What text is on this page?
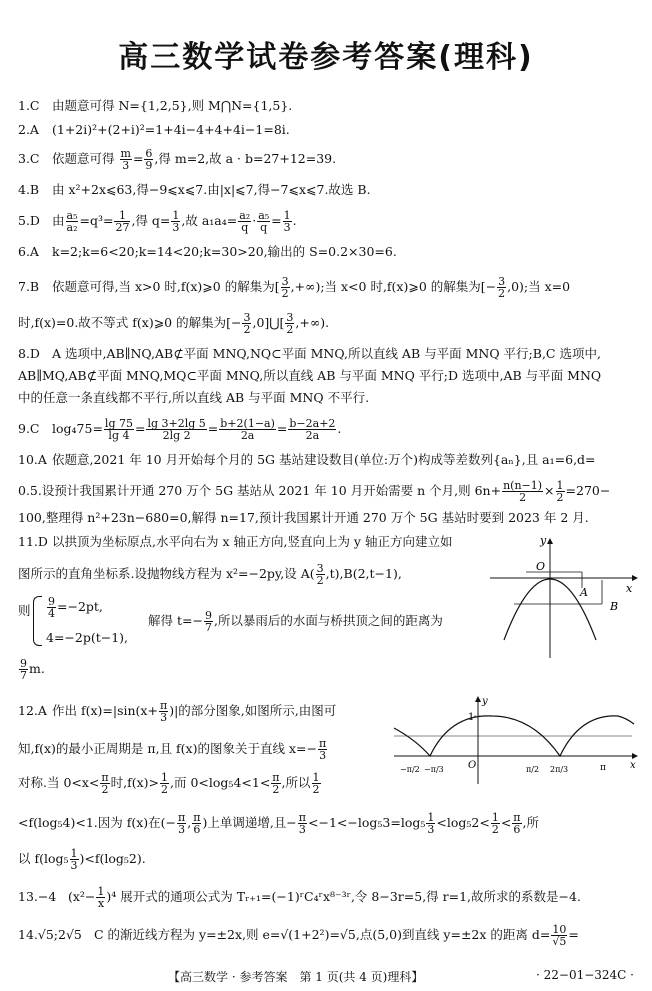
高三数学试卷参考答案(理科)
1.C 由题意可得 N={1,2,5},则 M⋂N={1,5}.
2.A (1+2i)²+(2+i)²=1+4i−4+4+4i−1=8i.
3.C 依题意可得 $\frac{m}{3} = \frac{6}{9}$ ,得 m=2,故 a · b=27+12=39.
4.B 由 x²+2x⩽63,得−9⩽x⩽7.由|x|⩽7,得−7⩽x⩽7.故选 B.
5.D 由 $\frac{\text{a₅}}{\text{a₂}} =q^3= \frac{1}{27}$ ,得 $q= \frac{1}{3}$ ,故 $a_1a_4= \frac{\text{a₂}}{q} \cdot \frac{\text{a₅}}{q} = \frac{1}{3}$ .
6.A k=2;k=6<20;k=14<20;k=30>20,输出的 S=0.2×30=6.
7.B 依题意可得,当 x>0 时,f(x)⩾0 的解集为[ $\frac{3}{2}$ ,+∞);当 x<0 时,f(x)⩾0 的解集为[− $\frac{3}{2} ,0$);当 x=0
时,f(x)=0.故不等式 f(x)⩾0 的解集为[− $\frac{3}{2}$ ,0]⋃[ $\frac{3}{2}$ ,+∞).
8.D A 选项中,AB∥NQ,AB⊄平面 MNQ,NQ⊂平面 MNQ,所以直线 AB 与平面 MNQ 平行;B,C 选项中,
AB∥MQ,AB⊄平面 MNQ,MQ⊂平面 MNQ,所以直线 AB 与平面 MNQ 平行;D 选项中,AB 与平面 MNQ
中的任意一条直线都不平行,所以直线 AB 与平面 MNQ 不平行.
9.C $\log_475= \frac{\lg 75}{\lg 4} = \frac{\lg 3+2\lg 5}{2\lg 2} = \frac{b+2(1-a)}{2a} = \frac{b-2a+2}{2a}$ .
10.A 依题意,2021 年 10 月开始每个月的 5G 基站建设数目(单位:万个)构成等差数列{aₙ},且 a₁=6,d=
0.5.设预计我国累计开通 270 万个 5G 基站从 2021 年 10 月开始需要 n 个月,则 $6n+ \frac{n(n-1)}{2} \times \frac{1}{2} =270-$
100,整理得 n²+23n−680=0,解得 n=17,预计我国累计开通 270 万个 5G 基站时要到 2023 年 2 月.
11.D 以拱顶为坐标原点,水平向右为 x 轴正方向,竖直向上为 y 轴正方向建立如
图所示的直角坐标系.设抛物线方程为 x²=−2py,设 $A( \frac{3}{2} ,t),B(2,t-1)$,
则 $\frac{9}{4} =-2pt$,
解得 $t=- \frac{9}{7}$ ,所以暴雨后的水面与桥拱顶之间的距离为
4=−2p(t−1),
$\frac{9}{7} m$.
y
x
O
A
B
12.A 作出 $f(x)=|\sin(x+ \frac{\pi}{3}$ )|的部分图象,如图所示,由图可
知,f(x)的最小正周期是 π,且 f(x)的图象关于直线 $x=- \frac{\pi}{3}$
对称.当 $0<x< \frac{\pi}{2}$ 时$,f(x)> \frac{1}{2}$ ,而 $0<\log_54<1< \frac{\pi}{2}$ ,所以 $\frac{1}{2}$
<f(log₅4)<1.因为 f(x)在(− $\frac{\pi}{3}$ , $\frac{\pi}{6}$ )上单调递增,且− $\frac{\pi}{3} <-1<-\log_53=\log_5 \frac{1}{3} <\log_52< \frac{1}{2} < \frac{\pi}{6}$ ,所
以 $f(\log_5 \frac{1}{3} )<f(\log_52)$.
y
x
O
1
−π/2 −π/3	π/2 2π/3	π
13.−4 $(x^2- \frac{1}{x} )^4$ 展开式的通项公式为 Tᵣ₊₁=(−1)ʳC₄ʳx⁸⁻³ʳ,令 8−3r=5,得 r=1,故所求的系数是−4.
14.√5;2√5 C 的渐近线方程为 y=±2x,则 e=√(1+2²)=√5,点(5,0)到直线 y=±2x 的距离 $d= \frac{10}{√5}$ =
【高三数学 · 参考答案　第 1 页(共 4 页)理科】	· 22−01−324C ·
